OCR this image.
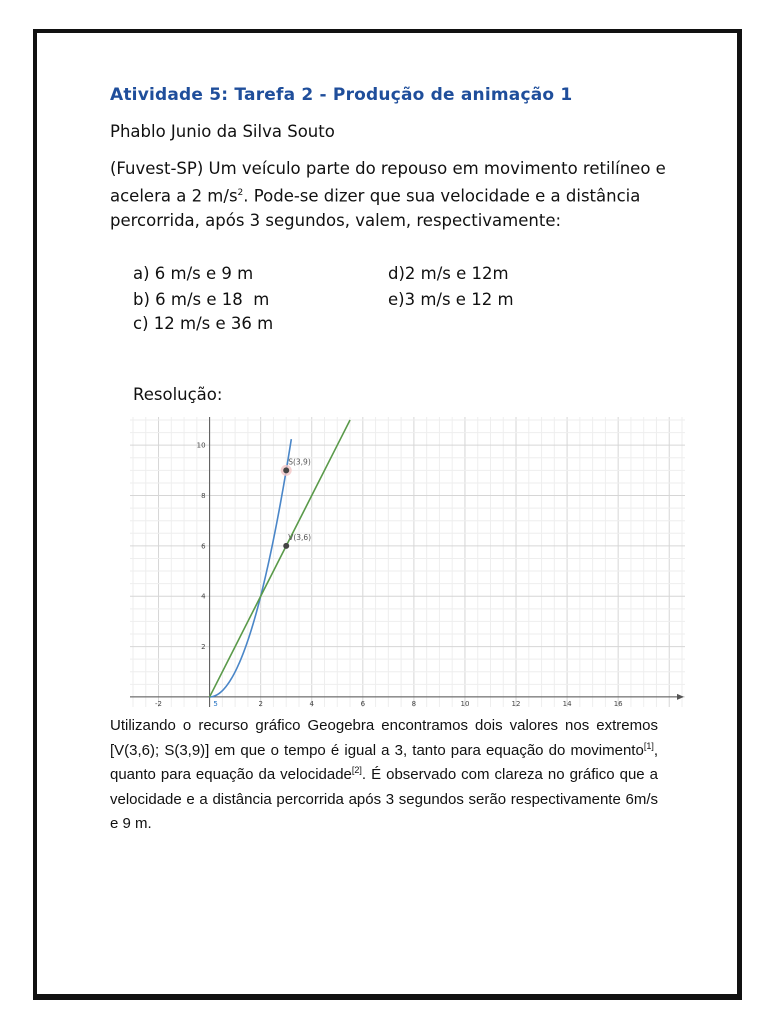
Atividade 5: Tarefa 2 - Produção de animação 1
Phablo Junio da Silva Souto

(Fuvest-SP) Um veículo parte do repouso em movimento retilíneo e acelera a 2 $m/s^2$. Pode-se dizer que sua velocidade e a distância percorrida, após 3 segundos, valem, respectivamente:

a) 6 m/s e 9 m
b) 6 m/s e 18  m
c) 12 m/s e 36 m
d)2 m/s e 12m
e)3 m/s e 12 m
Resolução:
-2	2	4	6	8	10	12	14	16
2
4
6
8
10
5
S(3,9)
V(3,6)

Utilizando o recurso gráfico Geogebra encontramos dois valores nos extremos [V(3,6); S(3,9)] em que o tempo é igual a 3, tanto para equação do movimento[1], quanto para equação da velocidade[2]. É observado com clareza no gráfico que a velocidade e a distância percorrida após 3 segundos serão respectivamente 6m/s e 9 m.
